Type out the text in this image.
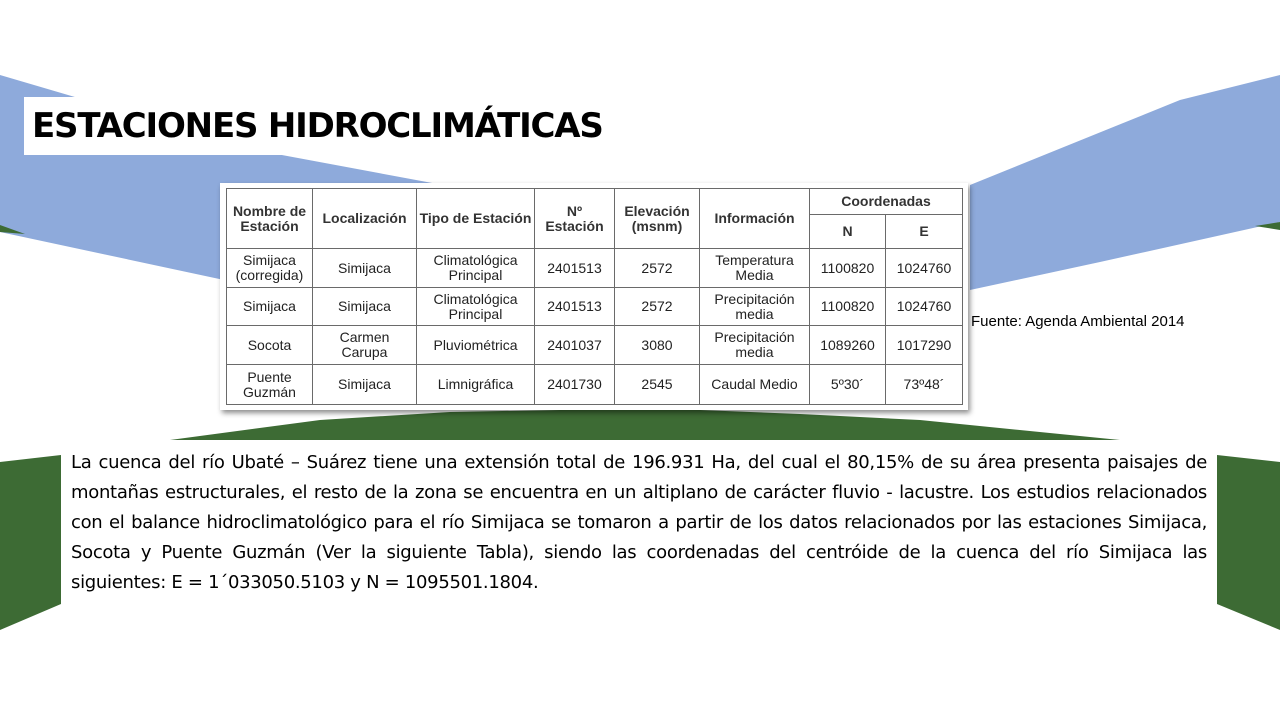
ESTACIONES HIDROCLIMÁTICAS
Nombre de Estación	Localización	Tipo de Estación	Nº Estación	Elevación (msnm)	Información	Coordenadas	
						N	E
Simijaca (corregida)	Simijaca	Climatológica Principal	2401513	2572	Temperatura Media	1100820	1024760
Simijaca	Simijaca	Climatológica Principal	2401513	2572	Precipitación media	1100820	1024760
Socota	Carmen Carupa	Pluviométrica	2401037	3080	Precipitación media	1089260	1017290
Puente Guzmán	Simijaca	Limnigráfica	2401730	2545	Caudal Medio	5º30´	73º48´
Fuente: Agenda Ambiental 2014

La cuenca del río Ubaté – Suárez tiene una extensión total de 196.931 Ha, del cual el 80,15% de su área presenta paisajes de montañas estructurales, el resto de la zona se encuentra en un altiplano de carácter fluvio - lacustre. Los estudios relacionados con el balance hidroclimatológico para el río Simijaca se tomaron a partir de los datos relacionados por las estaciones Simijaca, Socota y Puente Guzmán (Ver la siguiente Tabla), siendo las coordenadas del centróide de la cuenca del río Simijaca las siguientes: E = 1´033050.5103 y N = 1095501.1804.
